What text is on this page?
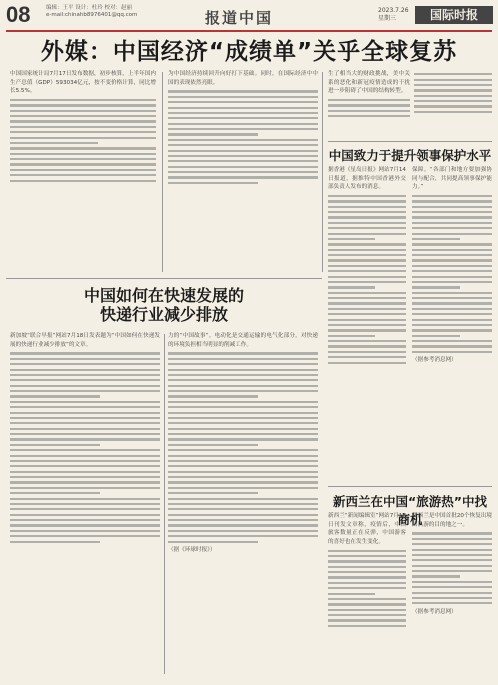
08	编辑：王平 设计：杜玲 校对：赵丽
e-mail:chinahb8976401@qq.com	报道中国	2023.7.26
星期三	国际时报
外媒：中国经济“成绩单”关乎全球复苏
中国国家统计局7月17日发布数据，初步核算，上半年国内生产总值（GDP）593034亿元，按不变价格计算，同比增长5.5%。
为中国经济持续回升向好打下基础。同时，在国际经济中中国的表现依然亮眼。
生了相当大的财政挑战，美中关系的恶化和新冠疫情造成的干扰进一步阻碍了中国的结构转型。
中国致力于提升领事保护水平
据香港《星岛日报》网站7月14日报道，据推特中国香港外交部负责人发布的消息。
保障。“各部门和地方要加强协同与配合，共同提高领事保护能力。”
（据参考消息网）
中国如何在快速发展的
快递行业减少排放
新加坡“联合早报”网站7月18日发表题为“中国如何在快递发展的快递行业减少排放”的文章。
力的“中国故事”。电动化是交通运输的电气化部分，对快递的环境负担相当明显的削减工作。
（据《环球时报》）
新西兰在中国“旅游热”中找商机
新西兰“新闻编辑室”网站7月18日刊发文章称，疫情后，中国旅客数量正在反弹，中国游客的喜好也在发生变化。
新西兰是中国首批20个恢复出境团队游的目的地之一。
（据参考消息网）
